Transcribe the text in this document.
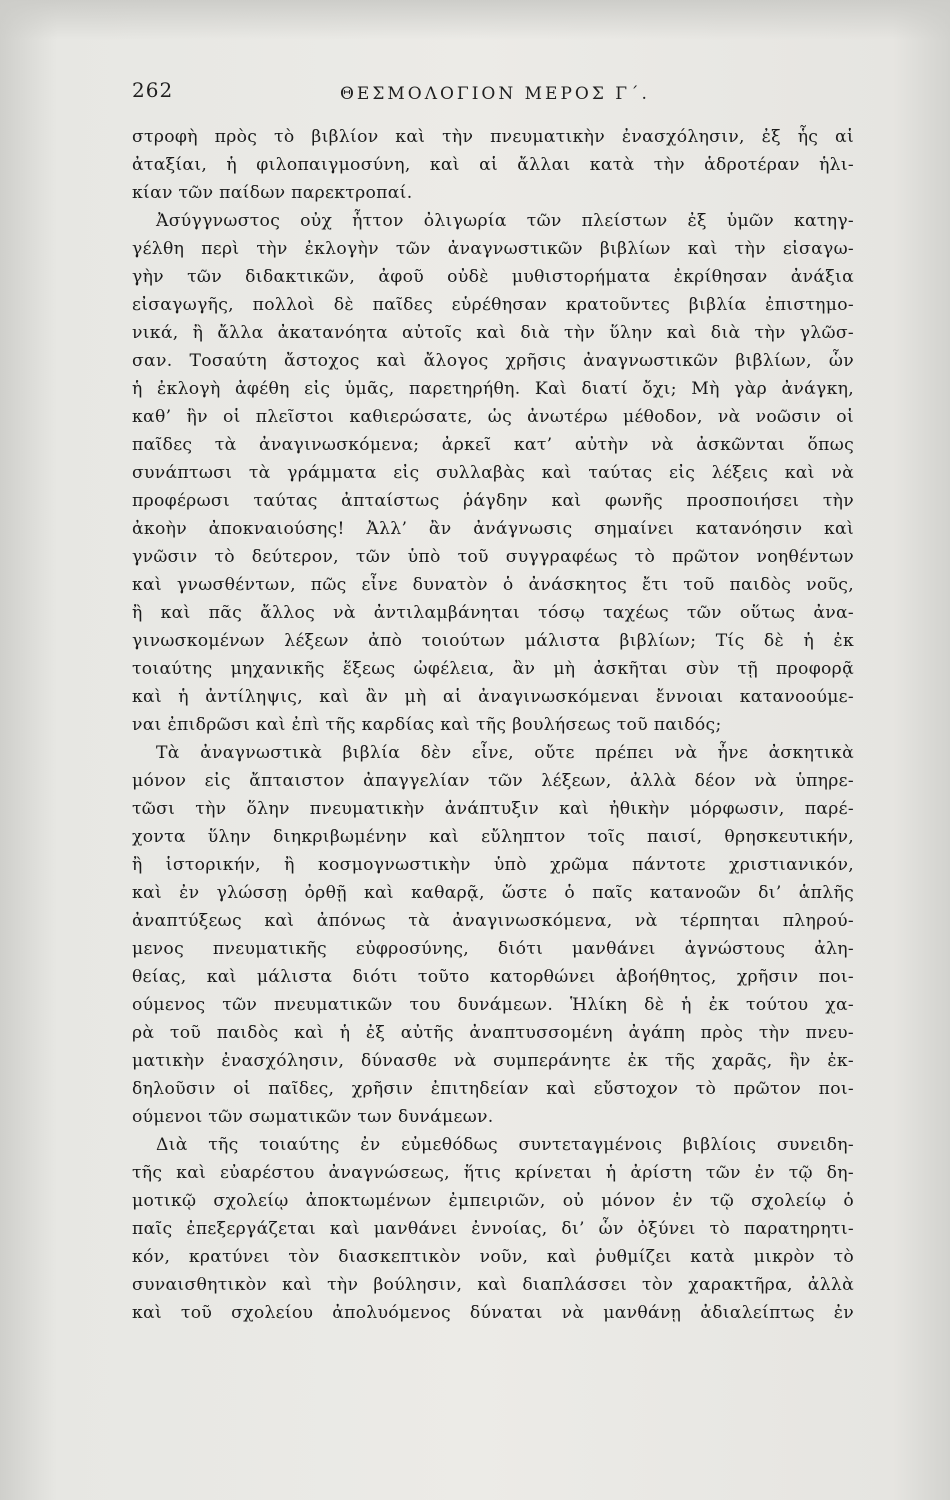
262	ΘΕΣΜΟΛΟΓΙΟΝ ΜΕΡΟΣ Γ΄.
στροφὴ πρὸς τὸ βιβλίον καὶ τὴν πνευματικὴν ἐνασχόλησιν, ἐξ ἧς αἱ
ἀταξίαι, ἡ φιλοπαιγμοσύνη, καὶ αἱ ἄλλαι κατὰ τὴν ἁδροτέραν ἡλι-
κίαν τῶν παίδων παρεκτροπαί.
Ἀσύγγνωστος οὐχ ἧττον ὀλιγωρία τῶν πλείστων ἐξ ὑμῶν κατηγ-
γέλθη περὶ τὴν ἐκλογὴν τῶν ἀναγνωστικῶν βιβλίων καὶ τὴν εἰσαγω-
γὴν τῶν διδακτικῶν, ἀφοῦ οὐδὲ μυθιστορήματα ἐκρίθησαν ἀνάξια
εἰσαγωγῆς, πολλοὶ δὲ παῖδες εὑρέθησαν κρατοῦντες βιβλία ἐπιστημο-
νικά, ἢ ἄλλα ἀκατανόητα αὐτοῖς καὶ διὰ τὴν ὕλην καὶ διὰ τὴν γλῶσ-
σαν. Τοσαύτη ἄστοχος καὶ ἄλογος χρῆσις ἀναγνωστικῶν βιβλίων, ὧν
ἡ ἐκλογὴ ἀφέθη εἰς ὑμᾶς, παρετηρήθη. Καὶ διατί ὄχι; Μὴ γὰρ ἀνάγκη,
καθ’ ἣν οἱ πλεῖστοι καθιερώσατε, ὡς ἀνωτέρω μέθοδον, νὰ νοῶσιν οἱ
παῖδες τὰ ἀναγινωσκόμενα; ἀρκεῖ κατ’ αὐτὴν νὰ ἀσκῶνται ὅπως
συνάπτωσι τὰ γράμματα εἰς συλλαβὰς καὶ ταύτας εἰς λέξεις καὶ νὰ
προφέρωσι ταύτας ἀπταίστως ῥάγδην καὶ φωνῆς προσποιήσει τὴν
ἀκοὴν ἀποκναιούσης! Ἀλλ’ ἂν ἀνάγνωσις σημαίνει κατανόησιν καὶ
γνῶσιν τὸ δεύτερον, τῶν ὑπὸ τοῦ συγγραφέως τὸ πρῶτον νοηθέντων
καὶ γνωσθέντων, πῶς εἶνε δυνατὸν ὁ ἀνάσκητος ἔτι τοῦ παιδὸς νοῦς,
ἢ καὶ πᾶς ἄλλος νὰ ἀντιλαμβάνηται τόσῳ ταχέως τῶν οὕτως ἀνα-
γινωσκομένων λέξεων ἀπὸ τοιούτων μάλιστα βιβλίων; Τίς δὲ ἡ ἐκ
τοιαύτης μηχανικῆς ἕξεως ὠφέλεια, ἂν μὴ ἀσκῆται σὺν τῇ προφορᾷ
καὶ ἡ ἀντίληψις, καὶ ἂν μὴ αἱ ἀναγινωσκόμεναι ἔννοιαι κατανοούμε-
ναι ἐπιδρῶσι καὶ ἐπὶ τῆς καρδίας καὶ τῆς βουλήσεως τοῦ παιδός;
Τὰ ἀναγνωστικὰ βιβλία δὲν εἶνε, οὔτε πρέπει νὰ ἦνε ἀσκητικὰ
μόνον εἰς ἄπταιστον ἀπαγγελίαν τῶν λέξεων, ἀλλὰ δέον νὰ ὑπηρε-
τῶσι τὴν ὅλην πνευματικὴν ἀνάπτυξιν καὶ ἠθικὴν μόρφωσιν, παρέ-
χοντα ὕλην διηκριβωμένην καὶ εὔληπτον τοῖς παισί, θρησκευτικήν,
ἢ ἱστορικήν, ἢ κοσμογνωστικὴν ὑπὸ χρῶμα πάντοτε χριστιανικόν,
καὶ ἐν γλώσσῃ ὀρθῇ καὶ καθαρᾷ, ὥστε ὁ παῖς κατανοῶν δι’ ἁπλῆς
ἀναπτύξεως καὶ ἀπόνως τὰ ἀναγινωσκόμενα, νὰ τέρπηται πληρού-
μενος πνευματικῆς εὐφροσύνης, διότι μανθάνει ἀγνώστους ἀλη-
θείας, καὶ μάλιστα διότι τοῦτο κατορθώνει ἀβοήθητος, χρῆσιν ποι-
ούμενος τῶν πνευματικῶν του δυνάμεων. Ἡλίκη δὲ ἡ ἐκ τούτου χα-
ρὰ τοῦ παιδὸς καὶ ἡ ἐξ αὐτῆς ἀναπτυσσομένη ἀγάπη πρὸς τὴν πνευ-
ματικὴν ἐνασχόλησιν, δύνασθε νὰ συμπεράνητε ἐκ τῆς χαρᾶς, ἣν ἐκ-
δηλοῦσιν οἱ παῖδες, χρῆσιν ἐπιτηδείαν καὶ εὔστοχον τὸ πρῶτον ποι-
ούμενοι τῶν σωματικῶν των δυνάμεων.
Διὰ τῆς τοιαύτης ἐν εὐμεθόδως συντεταγμένοις βιβλίοις συνειδη-
τῆς καὶ εὐαρέστου ἀναγνώσεως, ἥτις κρίνεται ἡ ἀρίστη τῶν ἐν τῷ δη-
μοτικῷ σχολείῳ ἀποκτωμένων ἐμπειριῶν, οὐ μόνον ἐν τῷ σχολείῳ ὁ
παῖς ἐπεξεργάζεται καὶ μανθάνει ἐννοίας, δι’ ὧν ὀξύνει τὸ παρατηρητι-
κόν, κρατύνει τὸν διασκεπτικὸν νοῦν, καὶ ῥυθμίζει κατὰ μικρὸν τὸ
συναισθητικὸν καὶ τὴν βούλησιν, καὶ διαπλάσσει τὸν χαρακτῆρα, ἀλλὰ
καὶ τοῦ σχολείου ἀπολυόμενος δύναται νὰ μανθάνῃ ἀδιαλείπτως ἐν
